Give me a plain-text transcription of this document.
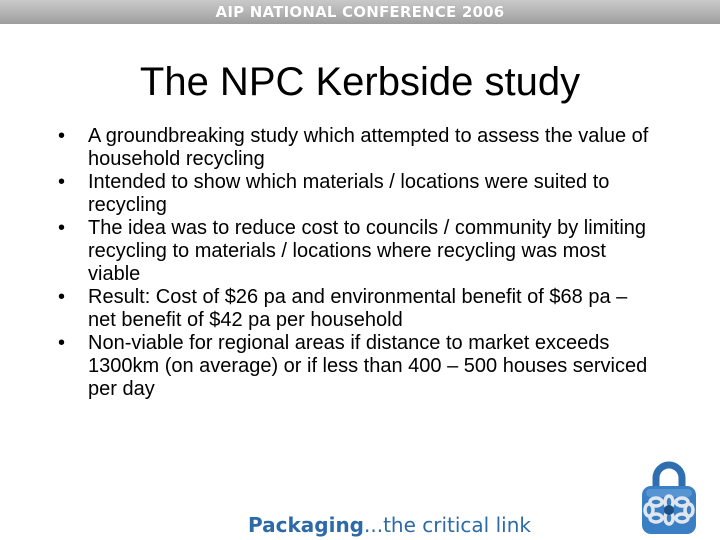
AIP NATIONAL CONFERENCE 2006
The NPC Kerbside study
•	A groundbreaking study which attempted to assess the value of household recycling
•	Intended to show which materials / locations were suited to recycling
•	The idea was to reduce cost to councils / community by limiting recycling to materials / locations where recycling was most viable
•	Result: Cost of $26 pa and environmental benefit of $68 pa – net benefit of $42 pa per household
•	Non-viable for regional areas if distance to market exceeds 1300km (on average) or if less than 400 – 500 houses serviced per day
Packaging...the critical link
